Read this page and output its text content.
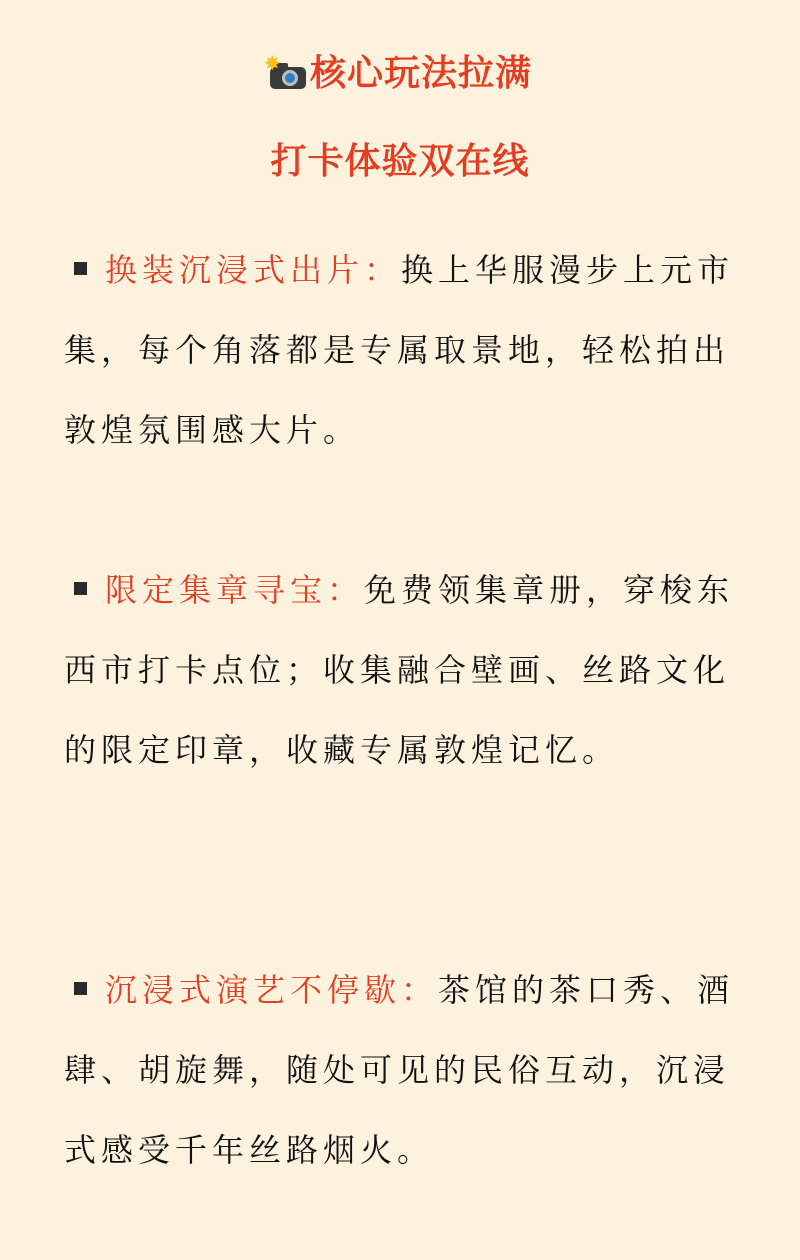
✸ 核心玩法拉满
打卡体验双在线

换装沉浸式出片：换上华服漫步上元市集，每个角落都是专属取景地，轻松拍出敦煌氛围感大片。

限定集章寻宝：免费领集章册，穿梭东西市打卡点位；收集融合壁画、丝路文化的限定印章，收藏专属敦煌记忆。

沉浸式演艺不停歇：茶馆的茶口秀、酒肆、胡旋舞，随处可见的民俗互动，沉浸式感受千年丝路烟火。
